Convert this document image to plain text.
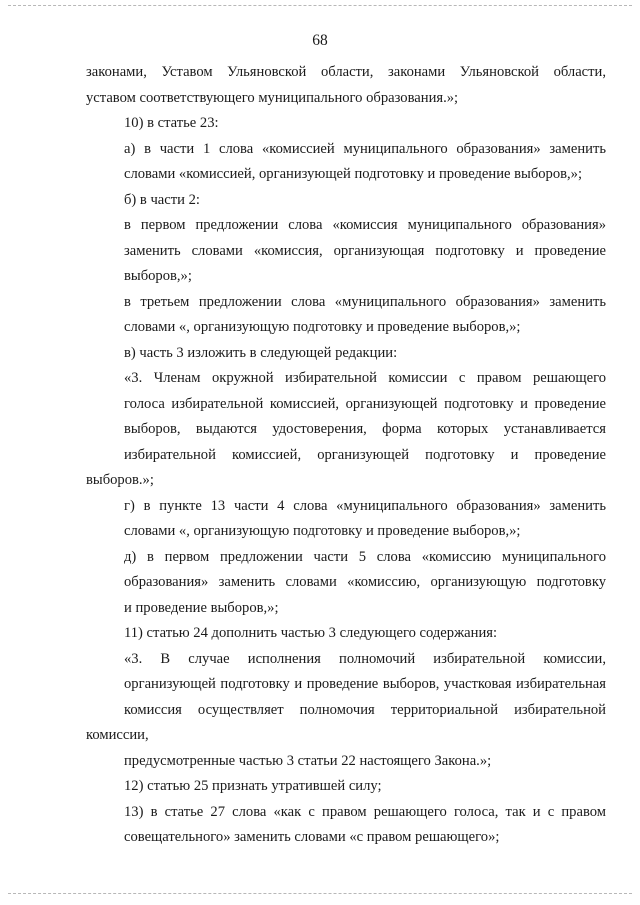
68

законами, Уставом Ульяновской области, законами Ульяновской области,
уставом соответствующего муниципального образования.»;

10) в статье 23:

а) в части 1 слова «комиссией муниципального образования» заменить
словами «комиссией, организующей подготовку и проведение выборов,»;

б) в части 2:

в первом предложении слова «комиссия муниципального образования»
заменить словами «комиссия, организующая подготовку и проведение
выборов,»;

в третьем предложении слова «муниципального образования» заменить
словами «, организующую подготовку и проведение выборов,»;

в) часть 3 изложить в следующей редакции:

«3. Членам окружной избирательной комиссии с правом решающего
голоса избирательной комиссией, организующей подготовку и проведение
выборов, выдаются удостоверения, форма которых устанавливается
избирательной комиссией, организующей подготовку и проведение выборов.»;

г) в пункте 13 части 4 слова «муниципального образования» заменить
словами «, организующую подготовку и проведение выборов,»;

д) в первом предложении части 5 слова «комиссию муниципального
образования» заменить словами «комиссию, организующую подготовку
и проведение выборов,»;

11) статью 24 дополнить частью 3 следующего содержания:

«3. В случае исполнения полномочий избирательной комиссии,
организующей подготовку и проведение выборов, участковая избирательная
комиссия осуществляет полномочия территориальной избирательной комиссии,
предусмотренные частью 3 статьи 22 настоящего Закона.»;

12) статью 25 признать утратившей силу;

13) в статье 27 слова «как с правом решающего голоса, так и с правом
совещательного» заменить словами «с правом решающего»;
